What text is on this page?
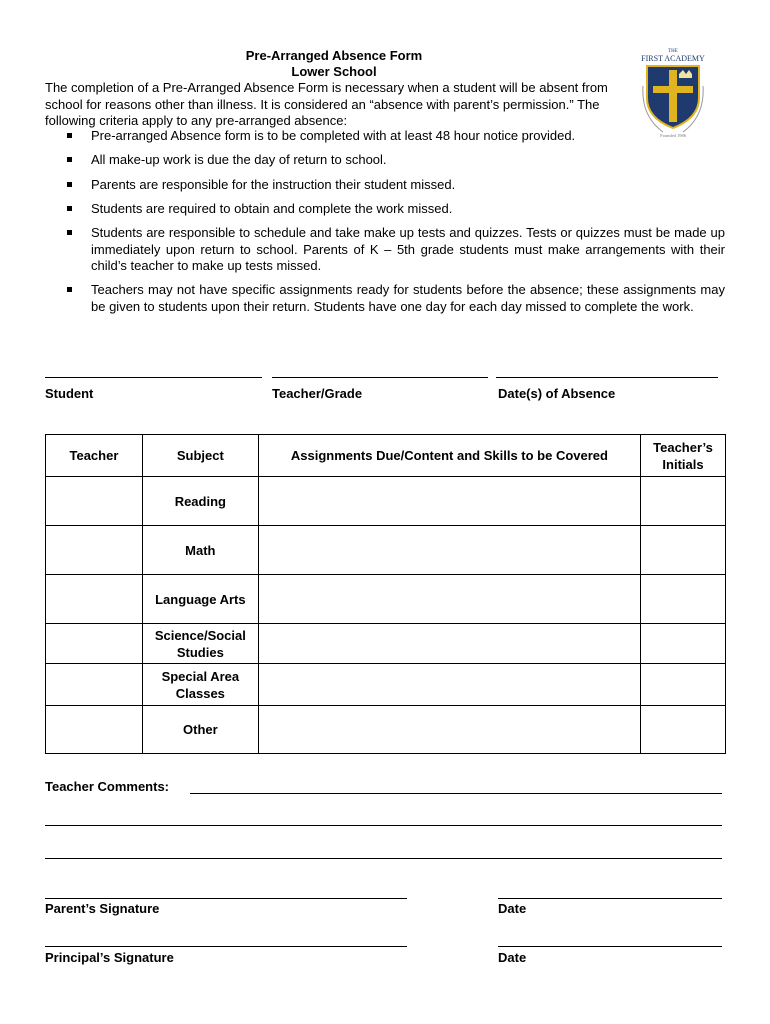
Pre-Arranged Absence Form
Lower School
The completion of a Pre-Arranged Absence Form is necessary when a student will be absent from school for reasons other than illness. It is considered an “absence with parent’s permission.” The following criteria apply to any pre-arranged absence:
THE
FIRST ACADEMY
Founded 1986
Pre-arranged Absence form is to be completed with at least 48 hour notice provided.
All make-up work is due the day of return to school.
Parents are responsible for the instruction their student missed.
Students are required to obtain and complete the work missed.
Students are responsible to schedule and take make up tests and quizzes. Tests or quizzes must be made up immediately upon return to school. Parents of K – 5th grade students must make arrangements with their child’s teacher to make up tests missed.
Teachers may not have specific assignments ready for students before the absence; these assignments may be given to students upon their return. Students have one day for each day missed to complete the work.
Student	Teacher/Grade	Date(s) of Absence
Teacher	Subject	Assignments Due/Content and Skills to be Covered	Teacher’s Initials
	Reading		
	Math		
	Language Arts		
	Science/Social Studies		
	Special Area Classes		
	Other		
Teacher Comments:
Parent’s Signature	Date
Principal’s Signature	Date
